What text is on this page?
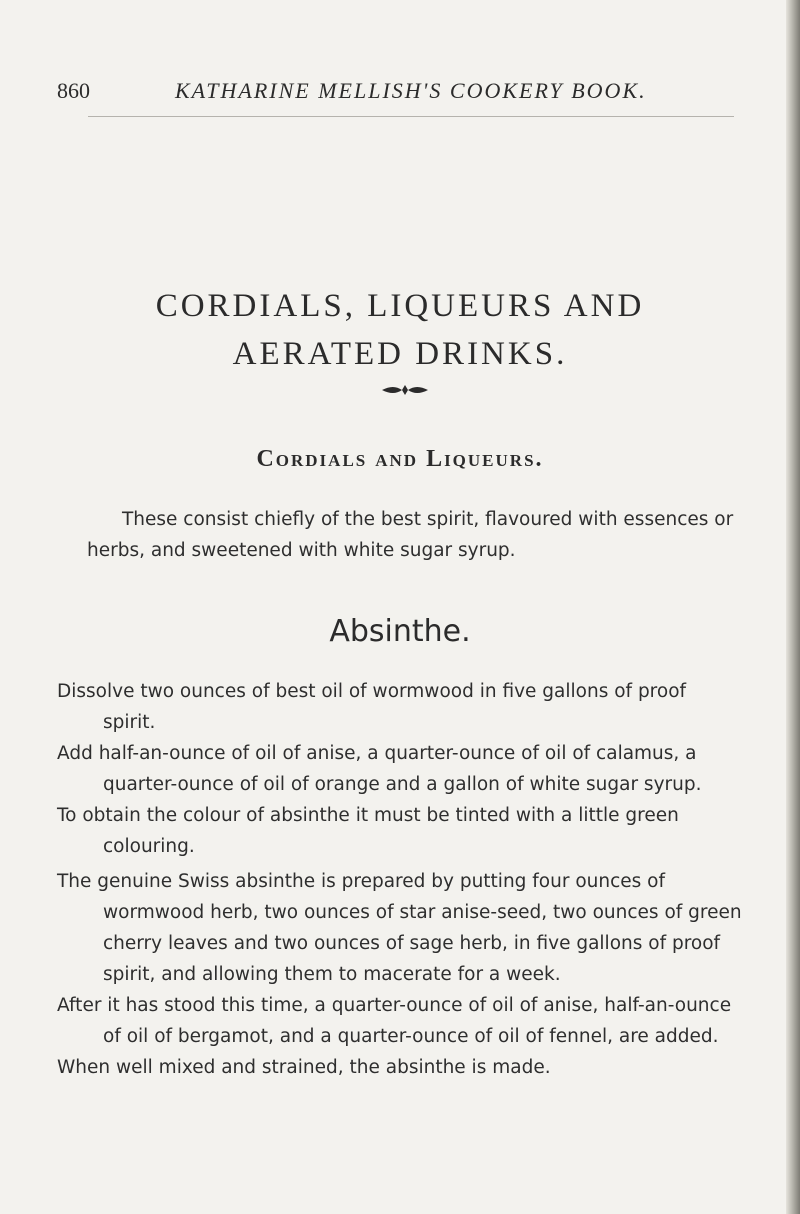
860	KATHARINE MELLISH'S COOKERY BOOK.
CORDIALS, LIQUEURS AND
AERATED DRINKS.
Cordials and Liqueurs.

These consist chiefly of the best spirit, flavoured with essences or herbs, and sweetened with white sugar syrup.

Absinthe.
Dissolve two ounces of best oil of wormwood in five gallons of proof spirit.
Add half-an-ounce of oil of anise, a quarter-ounce of oil of calamus, a quarter-ounce of oil of orange and a gallon of white sugar syrup.
To obtain the colour of absinthe it must be tinted with a little green colouring.
The genuine Swiss absinthe is prepared by putting four ounces of wormwood herb, two ounces of star anise-seed, two ounces of green cherry leaves and two ounces of sage herb, in five gallons of proof spirit, and allowing them to macerate for a week.
After it has stood this time, a quarter-ounce of oil of anise, half-an-ounce of oil of bergamot, and a quarter-ounce of oil of fennel, are added.
When well mixed and strained, the absinthe is made.
